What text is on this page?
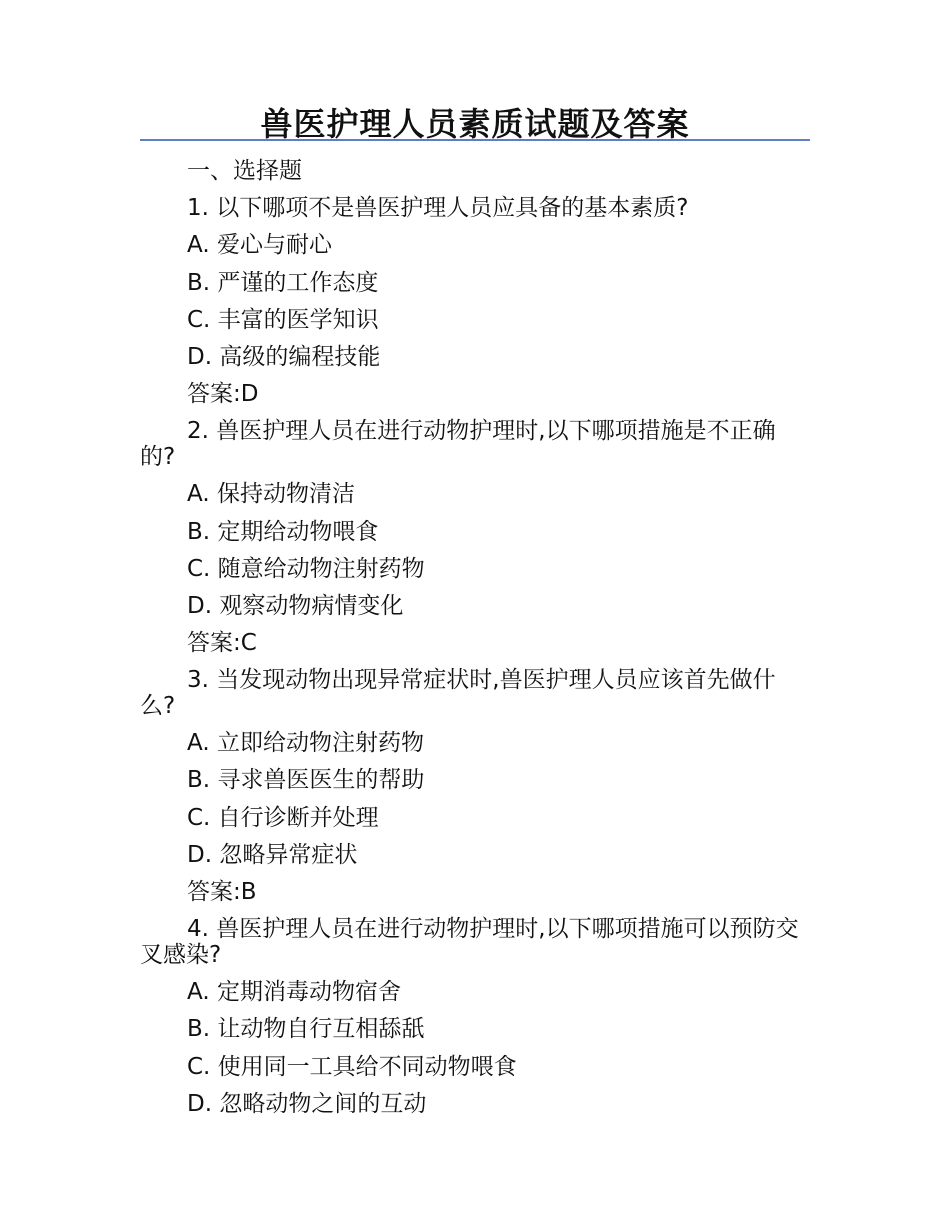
兽医护理人员素质试题及答案
一、选择题
1. 以下哪项不是兽医护理人员应具备的基本素质?
A. 爱心与耐心
B. 严谨的工作态度
C. 丰富的医学知识
D. 高级的编程技能
答案:D
2. 兽医护理人员在进行动物护理时,以下哪项措施是不正确的?
A. 保持动物清洁
B. 定期给动物喂食
C. 随意给动物注射药物
D. 观察动物病情变化
答案:C
3. 当发现动物出现异常症状时,兽医护理人员应该首先做什么?
A. 立即给动物注射药物
B. 寻求兽医医生的帮助
C. 自行诊断并处理
D. 忽略异常症状
答案:B
4. 兽医护理人员在进行动物护理时,以下哪项措施可以预防交叉感染?
A. 定期消毒动物宿舍
B. 让动物自行互相舔舐
C. 使用同一工具给不同动物喂食
D. 忽略动物之间的互动
